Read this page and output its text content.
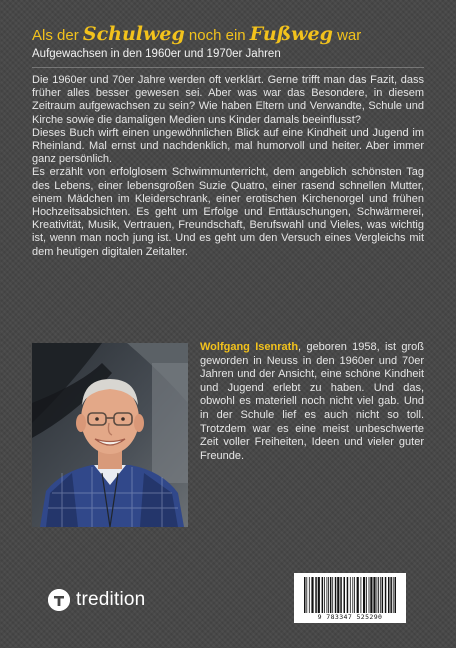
Als der Schulweg noch ein Fußweg war
Aufgewachsen in den 1960er und 1970er Jahren

Die 1960er und 70er Jahre werden oft verklärt. Gerne trifft man das Fazit, dass früher alles besser gewesen sei. Aber was war das Besondere, in diesem Zeitraum aufgewachsen zu sein? Wie haben Eltern und Verwandte, Schule und Kirche sowie die damaligen Medien uns Kinder damals beeinflusst?

Dieses Buch wirft einen ungewöhnlichen Blick auf eine Kindheit und Jugend im Rheinland. Mal ernst und nachdenklich, mal humorvoll und heiter. Aber immer ganz persönlich.

Es erzählt von erfolglosem Schwimmunterricht, dem angeblich schönsten Tag des Lebens, einer lebensgroßen Suzie Quatro, einer rasend schnellen Mutter, einem Mädchen im Kleiderschrank, einer erotischen Kirchenorgel und frühen Hochzeitsabsichten. Es geht um Erfolge und Enttäuschungen, Schwärmerei, Kreativität, Musik, Vertrauen, Freundschaft, Berufswahl und Vieles, was wichtig ist, wenn man noch jung ist. Und es geht um den Versuch eines Vergleichs mit dem heutigen digitalen Zeitalter.

Wolfgang Isenrath, geboren 1958, ist groß geworden in Neuss in den 1960er und 70er Jahren und der Ansicht, eine schöne Kindheit und Jugend erlebt zu haben. Und das, obwohl es materiell noch nicht viel gab. Und in der Schule lief es auch nicht so toll. Trotzdem war es eine meist unbeschwerte Zeit voller Freiheiten, Ideen und vieler guter Freunde.
tredition
9 783347 525290
